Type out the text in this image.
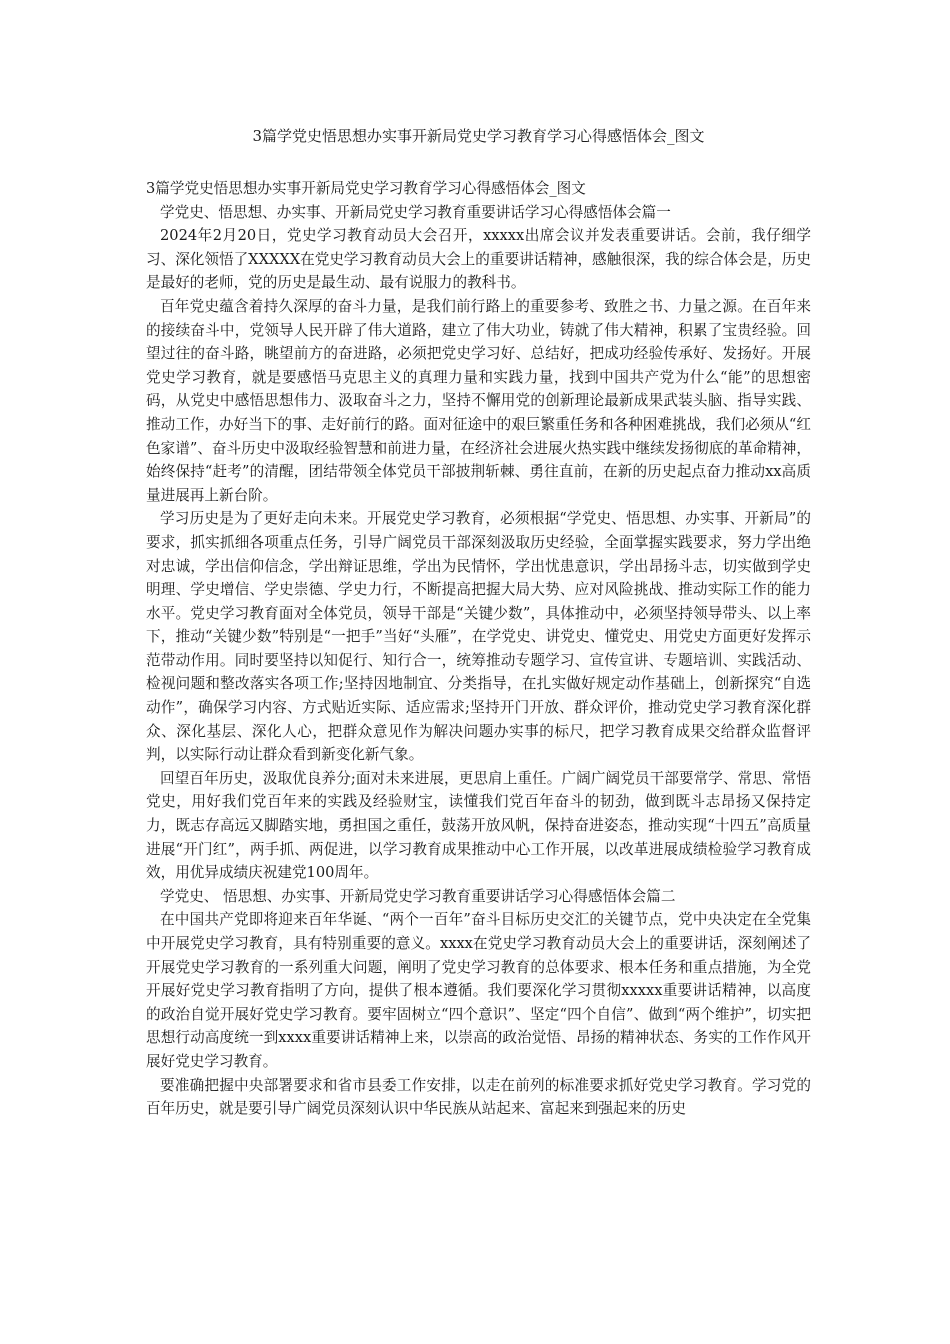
3篇学党史悟思想办实事开新局党史学习教育学习心得感悟体会_图文

3篇学党史悟思想办实事开新局党史学习教育学习心得感悟体会_图文

学党史、悟思想、办实事、开新局党史学习教育重要讲话学习心得感悟体会篇一

2024年2月20日，党史学习教育动员大会召开，xxxxx出席会议并发表重要讲话。会前，我仔细学习、深化领悟了XXXXX在党史学习教育动员大会上的重要讲话精神，感触很深，我的综合体会是，历史是最好的老师，党的历史是最生动、最有说服力的教科书。

百年党史蕴含着持久深厚的奋斗力量，是我们前行路上的重要参考、致胜之书、力量之源。在百年来的接续奋斗中，党领导人民开辟了伟大道路，建立了伟大功业，铸就了伟大精神，积累了宝贵经验。回望过往的奋斗路，眺望前方的奋进路，必须把党史学习好、总结好，把成功经验传承好、发扬好。开展党史学习教育，就是要感悟马克思主义的真理力量和实践力量，找到中国共产党为什么“能”的思想密码，从党史中感悟思想伟力、汲取奋斗之力，坚持不懈用党的创新理论最新成果武装头脑、指导实践、推动工作，办好当下的事、走好前行的路。面对征途中的艰巨繁重任务和各种困难挑战，我们必须从“红色家谱”、奋斗历史中汲取经验智慧和前进力量，在经济社会进展火热实践中继续发扬彻底的革命精神，始终保持“赶考”的清醒，团结带领全体党员干部披荆斩棘、勇往直前，在新的历史起点奋力推动xx高质量进展再上新台阶。

学习历史是为了更好走向未来。开展党史学习教育，必须根据“学党史、悟思想、办实事、开新局”的要求，抓实抓细各项重点任务，引导广阔党员干部深刻汲取历史经验，全面掌握实践要求，努力学出绝对忠诚，学出信仰信念，学出辩证思维，学出为民情怀，学出忧患意识，学出昂扬斗志，切实做到学史明理、学史增信、学史崇德、学史力行，不断提高把握大局大势、应对风险挑战、推动实际工作的能力水平。党史学习教育面对全体党员，领导干部是“关键少数”，具体推动中，必须坚持领导带头、以上率下，推动“关键少数”特别是“一把手”当好“头雁”，在学党史、讲党史、懂党史、用党史方面更好发挥示范带动作用。同时要坚持以知促行、知行合一，统筹推动专题学习、宣传宣讲、专题培训、实践活动、检视问题和整改落实各项工作;坚持因地制宜、分类指导，在扎实做好规定动作基础上，创新探究“自选动作”，确保学习内容、方式贴近实际、适应需求;坚持开门开放、群众评价，推动党史学习教育深化群众、深化基层、深化人心，把群众意见作为解决问题办实事的标尺，把学习教育成果交给群众监督评判，以实际行动让群众看到新变化新气象。

回望百年历史，汲取优良养分;面对未来进展，更思肩上重任。广阔广阔党员干部要常学、常思、常悟党史，用好我们党百年来的实践及经验财宝，读懂我们党百年奋斗的韧劲，做到既斗志昂扬又保持定力，既志存高远又脚踏实地，勇担国之重任，鼓荡开放风帆，保持奋进姿态，推动实现“十四五”高质量进展“开门红”，两手抓、两促进，以学习教育成果推动中心工作开展，以改革进展成绩检验学习教育成效，用优异成绩庆祝建党100周年。

学党史、 悟思想、办实事、开新局党史学习教育重要讲话学习心得感悟体会篇二

在中国共产党即将迎来百年华诞、“两个一百年”奋斗目标历史交汇的关键节点，党中央决定在全党集中开展党史学习教育，具有特别重要的意义。xxxx在党史学习教育动员大会上的重要讲话，深刻阐述了开展党史学习教育的一系列重大问题，阐明了党史学习教育的总体要求、根本任务和重点措施，为全党开展好党史学习教育指明了方向，提供了根本遵循。我们要深化学习贯彻xxxxx重要讲话精神，以高度的政治自觉开展好党史学习教育。要牢固树立“四个意识”、坚定“四个自信”、做到“两个维护”，切实把思想行动高度统一到xxxx重要讲话精神上来，以崇高的政治觉悟、昂扬的精神状态、务实的工作作风开展好党史学习教育。

要准确把握中央部署要求和省市县委工作安排，以走在前列的标准要求抓好党史学习教育。学习党的百年历史，就是要引导广阔党员深刻认识中华民族从站起来、富起来到强起来的历史
